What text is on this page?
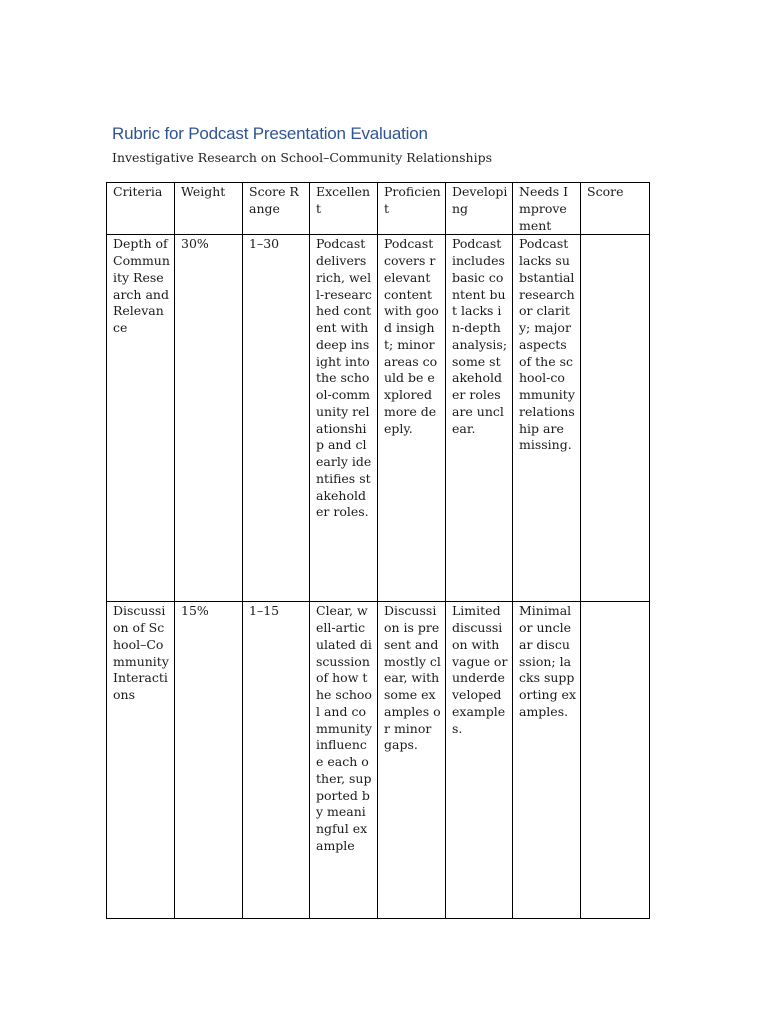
Rubric for Podcast Presentation Evaluation
Investigative Research on School–Community Relationships
Criteria	Weight	Score Range	Excellent	Proficient	Developing	Needs Improvement	Score
Depth of Community Research and Relevance	30%	1–30	Podcast delivers rich, well-researched content with deep insight into the school-community relationship and clearly identifies stakeholder roles.	Podcast covers relevant content with good insight; minor areas could be explored more deeply.	Podcast includes basic content but lacks in-depth analysis; some stakeholder roles are unclear.	Podcast lacks substantial research or clarity; major aspects of the school-community relationship are missing.	
Discussion of School–Community Interactions	15%	1–15	Clear, well-articulated discussion of how the school and community influence each other, supported by meaningful example	Discussion is present and mostly clear, with some examples or minor gaps.	Limited discussion with vague or underdeveloped examples.	Minimal or unclear discussion; lacks supporting examples.	
